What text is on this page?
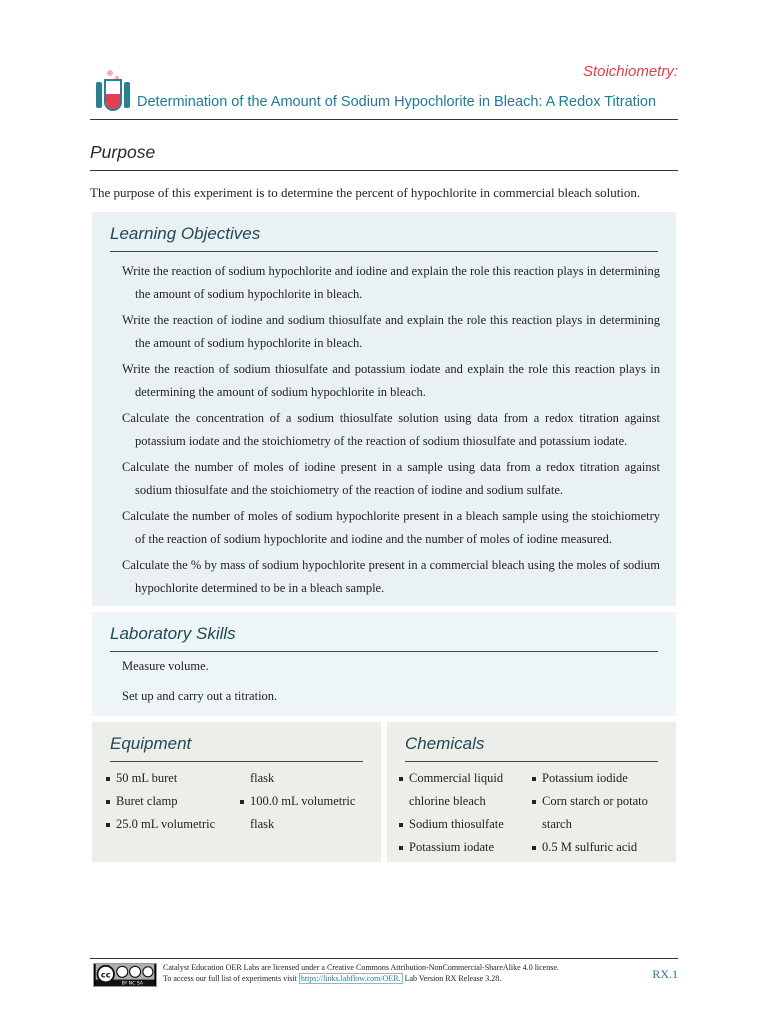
Stoichiometry:
Determination of the Amount of Sodium Hypochlorite in Bleach: A Redox Titration
Purpose
The purpose of this experiment is to determine the percent of hypochlorite in commercial bleach solution.
Learning Objectives
Write the reaction of sodium hypochlorite and iodine and explain the role this reaction plays in determining the amount of sodium hypochlorite in bleach.
Write the reaction of iodine and sodium thiosulfate and explain the role this reaction plays in determining the amount of sodium hypochlorite in bleach.
Write the reaction of sodium thiosulfate and potassium iodate and explain the role this reaction plays in determining the amount of sodium hypochlorite in bleach.
Calculate the concentration of a sodium thiosulfate solution using data from a redox titration against potassium iodate and the stoichiometry of the reaction of sodium thiosulfate and potassium iodate.
Calculate the number of moles of iodine present in a sample using data from a redox titration against sodium thiosulfate and the stoichiometry of the reaction of iodine and sodium sulfate.
Calculate the number of moles of sodium hypochlorite present in a bleach sample using the stoichiometry of the reaction of sodium hypochlorite and iodine and the number of moles of iodine measured.
Calculate the % by mass of sodium hypochlorite present in a commercial bleach using the moles of sodium hypochlorite determined to be in a bleach sample.
Laboratory Skills
Measure volume.
Set up and carry out a titration.
Equipment
50 mL buret
Buret clamp
25.0 mL volumetric
flask
100.0 mL volumetric
flask
Chemicals
Commercial liquid
chlorine bleach
Sodium thiosulfate
Potassium iodate
Potassium iodide
Corn starch or potato
starch
0.5 M sulfuric acid
cc
BY NC SA
Catalyst Education OER Labs are licensed under a Creative Commons Attribution-NonCommercial-ShareAlike 4.0 license.
To access our full list of experiments visit https://links.labflow.com/OER. Lab Version RX Release 3.28.	RX.1
